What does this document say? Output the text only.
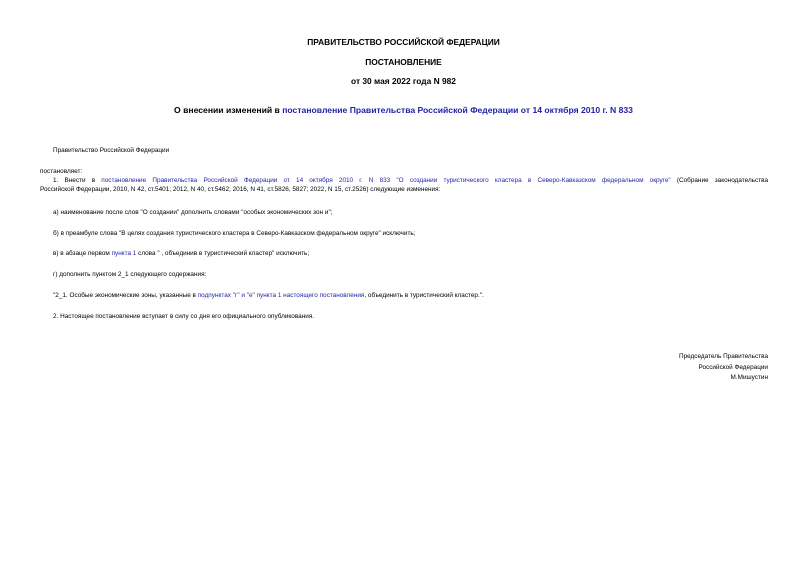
ПРАВИТЕЛЬСТВО РОССИЙСКОЙ ФЕДЕРАЦИИ
ПОСТАНОВЛЕНИЕ
от 30 мая 2022 года N 982
О внесении изменений в постановление Правительства Российской Федерации от 14 октября 2010 г. N 833
Правительство Российской Федерации
постановляет:
1. Внести в постановление Правительства Российской Федерации от 14 октября 2010 г. N 833 "О создании туристического кластера в Северо-Кавказском федеральном округе" (Собрание законодательства
Российской Федерации, 2010, N 42, ст.5401; 2012, N 40, ст.5462; 2016, N 41, ст.5826, 5827; 2022, N 15, ст.2526) следующие изменения:
а) наименование после слов "О создании" дополнить словами "особых экономических зон и";
б) в преамбуле слова "В целях создания туристического кластера в Северо-Кавказском федеральном округе" исключить;
в) в абзаце первом пункта 1 слова " , объединив в туристический кластер" исключить;
г) дополнить пунктом 2_1 следующего содержания:
"2_1. Особые экономические зоны, указанные в подпунктах "г" и "е" пункта 1 настоящего постановления, объединить в туристический кластер.".
2. Настоящее постановление вступает в силу со дня его официального опубликования.
Председатель Правительства
Российской Федерации
М.Мишустин
